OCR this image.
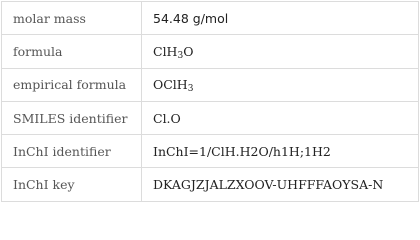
molar mass	54.48 g/mol
formula	ClH$_3$O
empirical formula	OClH$_3$
SMILES identifier	Cl.O
InChI identifier	InChI=1/ClH.H2O/h1H;1H2
InChI key	DKAGJZJALZXOOV-UHFFFAOYSA-N
